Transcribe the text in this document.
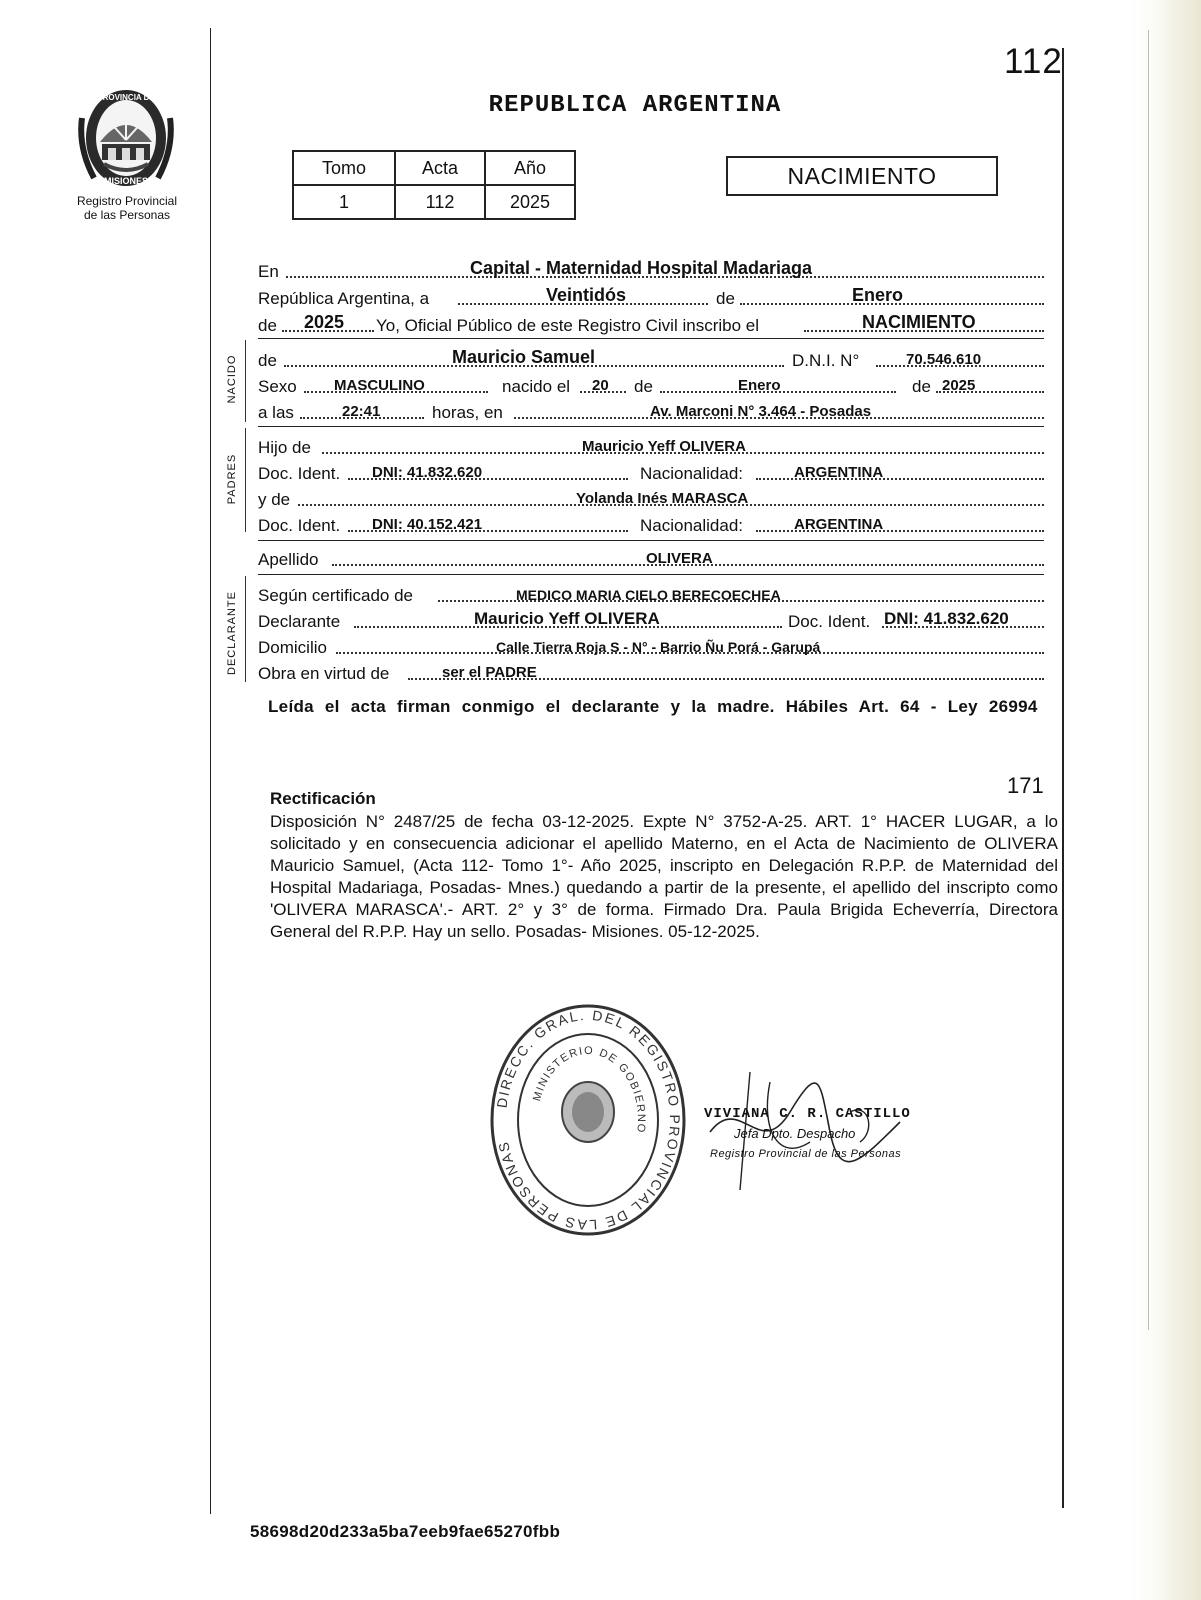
112
PROVINCIA DE
MISIONES
Registro Provincial
de las Personas
REPUBLICA ARGENTINA
Tomo	Acta	Año
1	112	2025
NACIMIENTO
En	Capital - Maternidad Hospital Madariaga
República Argentina, a	Veintidós	de	Enero
de 2025 Yo, Oficial Público de este Registro Civil inscribo el	NACIMIENTO
NACIDO de	Mauricio Samuel	D.N.I. N°	70.546.610
Sexo MASCULINO	nacido el 20 de	Enero	de 2025
a las	22:41	horas, en	Av. Marconi N° 3.464 - Posadas
PADRES
Hijo de	Mauricio Yeff OLIVERA
Doc. Ident. DNI: 41.832.620	Nacionalidad:	ARGENTINA
y de	Yolanda Inés MARASCA
Doc. Ident. DNI: 40.152.421	Nacionalidad:	ARGENTINA
Apellido	OLIVERA
DECLARANTE Según certificado de	MEDICO MARIA CIELO BERECOECHEA
Declarante	Mauricio Yeff OLIVERA	Doc. Ident. DNI: 41.832.620
Domicilio	Calle Tierra Roja S - N° - Barrio Ñu Porá - Garupá
Obra en virtud de	ser el PADRE
Leída el acta firman conmigo el declarante y la madre. Hábiles Art. 64 - Ley 26994
171
Rectificación
Disposición N° 2487/25 de fecha 03-12-2025. Expte N° 3752-A-25. ART. 1° HACER LUGAR, a lo solicitado y en consecuencia adicionar el apellido Materno, en el Acta de Nacimiento de OLIVERA Mauricio Samuel, (Acta 112- Tomo 1°- Año 2025, inscripto en Delegación R.P.P. de Maternidad del Hospital Madariaga, Posadas- Mnes.) quedando a partir de la presente, el apellido del inscripto como 'OLIVERA MARASCA'.- ART. 2° y 3° de forma. Firmado Dra. Paula Brigida Echeverría, Directora General del R.P.P. Hay un sello. Posadas- Misiones. 05-12-2025.
DIRECC. GRAL. DEL REGISTRO PROVINCIAL DE LAS PERSONAS
MINISTERIO DE GOBIERNO
VIVIANA C. R. CASTILLO
Jefa Dpto. Despacho
Registro Provincial de las Personas
58698d20d233a5ba7eeb9fae65270fbb
